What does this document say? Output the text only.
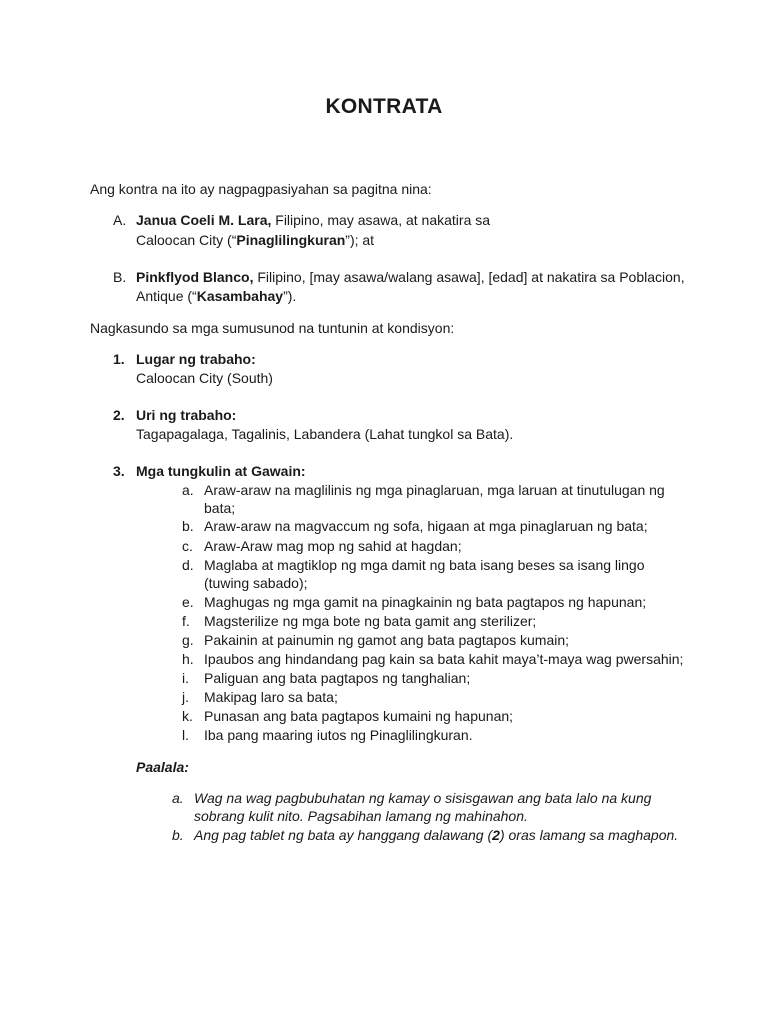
KONTRATA
Ang kontra na ito ay nagpagpasiyahan sa pagitna nina:
A. Janua Coeli M. Lara, Filipino, may asawa, at nakatira sa
Caloocan City (“Pinaglilingkuran”); at
B. Pinkflyod Blanco, Filipino, [may asawa/walang asawa], [edad] at nakatira sa Poblacion,
Antique (“Kasambahay”).
Nagkasundo sa mga sumusunod na tuntunin at kondisyon:
1. Lugar ng trabaho:
Caloocan City (South)
2. Uri ng trabaho:
Tagapagalaga, Tagalinis, Labandera (Lahat tungkol sa Bata).
3. Mga tungkulin at Gawain:
a. Araw-araw na maglilinis ng mga pinaglaruan, mga laruan at tinutulugan ng
bata;
b. Araw-araw na magvaccum ng sofa, higaan at mga pinaglaruan ng bata;
c. Araw-Araw mag mop ng sahid at hagdan;
d. Maglaba at magtiklop ng mga damit ng bata isang beses sa isang lingo
(tuwing sabado);
e. Maghugas ng mga gamit na pinagkainin ng bata pagtapos ng hapunan;
f. Magsterilize ng mga bote ng bata gamit ang sterilizer;
g. Pakainin at painumin ng gamot ang bata pagtapos kumain;
h. Ipaubos ang hindandang pag kain sa bata kahit maya’t-maya wag pwersahin;
i. Paliguan ang bata pagtapos ng tanghalian;
j. Makipag laro sa bata;
k. Punasan ang bata pagtapos kumaini ng hapunan;
l. Iba pang maaring iutos ng Pinaglilingkuran.
Paalala:
a. Wag na wag pagbubuhatan ng kamay o sisisgawan ang bata lalo na kung
sobrang kulit nito. Pagsabihan lamang ng mahinahon.
b. Ang pag tablet ng bata ay hanggang dalawang (2) oras lamang sa maghapon.
